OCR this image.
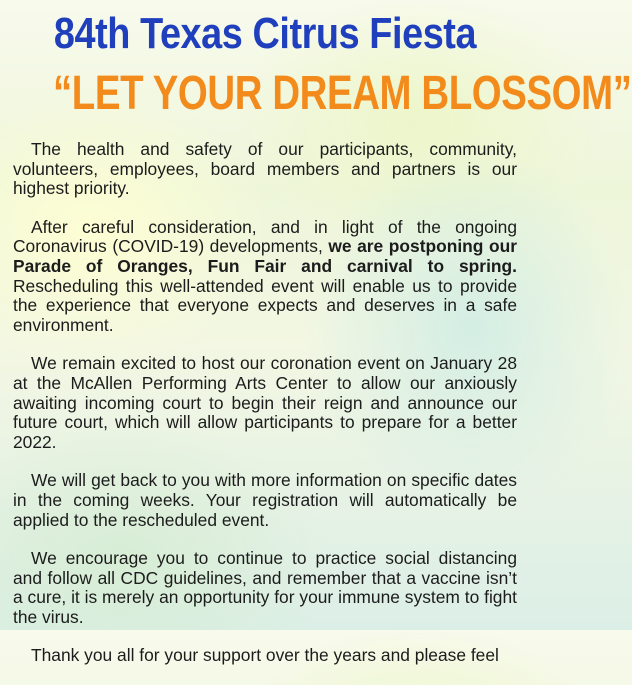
84th Texas Citrus Fiesta
“LET YOUR DREAM BLOSSOM”

The health and safety of our participants, community, volunteers, employees, board members and partners is our highest priority.

After careful consideration, and in light of the ongoing Coronavirus (COVID-19) developments, we are postponing our Parade of Oranges, Fun Fair and carnival to spring. Rescheduling this well-attended event will enable us to provide the experience that everyone expects and deserves in a safe environment.

We remain excited to host our coronation event on January 28 at the McAllen Performing Arts Center to allow our anxiously awaiting incoming court to begin their reign and announce our future court, which will allow participants to prepare for a better 2022.

We will get back to you with more information on specific dates in the coming weeks. Your registration will automatically be applied to the rescheduled event.

We encourage you to continue to practice social distancing and follow all CDC guidelines, and remember that a vaccine isn’t a cure, it is merely an opportunity for your immune system to fight the virus.

Thank you all for your support over the years and please feel
